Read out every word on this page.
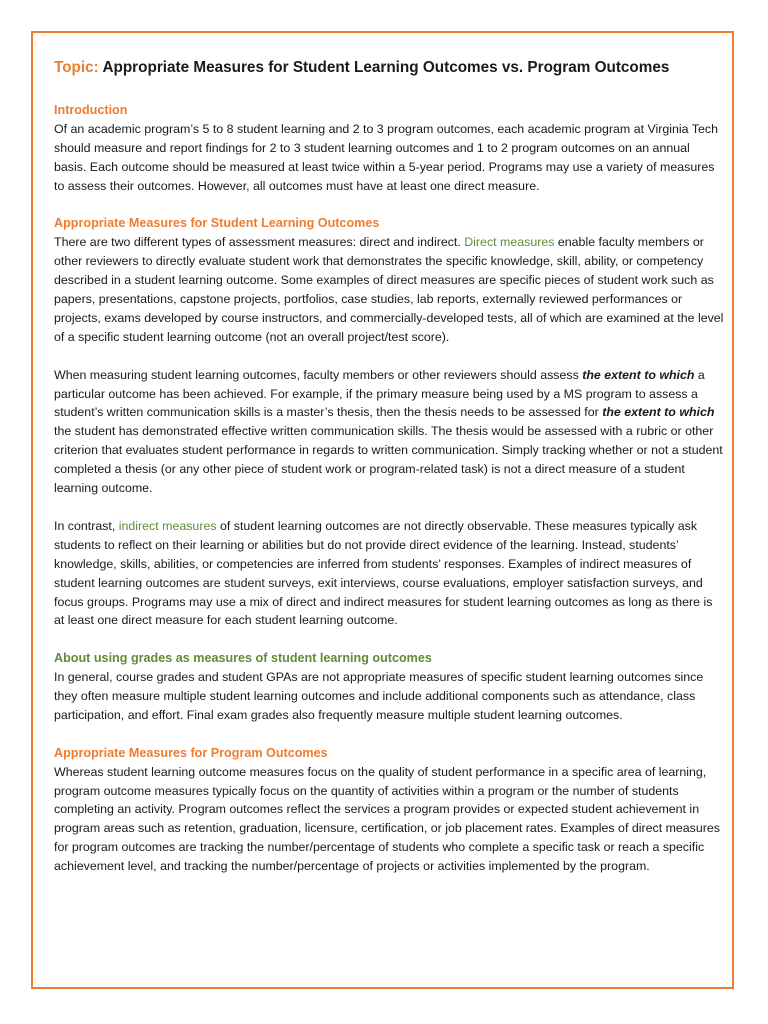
Topic: Appropriate Measures for Student Learning Outcomes vs. Program Outcomes
Introduction

Of an academic program’s 5 to 8 student learning and 2 to 3 program outcomes, each academic program at Virginia Tech should measure and report findings for 2 to 3 student learning outcomes and 1 to 2 program outcomes on an annual basis. Each outcome should be measured at least twice within a 5-year period. Programs may use a variety of measures to assess their outcomes. However, all outcomes must have at least one direct measure.

Appropriate Measures for Student Learning Outcomes

There are two different types of assessment measures: direct and indirect. Direct measures enable faculty members or other reviewers to directly evaluate student work that demonstrates the specific knowledge, skill, ability, or competency described in a student learning outcome. Some examples of direct measures are specific pieces of student work such as papers, presentations, capstone projects, portfolios, case studies, lab reports, externally reviewed performances or projects, exams developed by course instructors, and commercially-developed tests, all of which are examined at the level of a specific student learning outcome (not an overall project/test score).

When measuring student learning outcomes, faculty members or other reviewers should assess the extent to which a particular outcome has been achieved. For example, if the primary measure being used by a MS program to assess a student’s written communication skills is a master’s thesis, then the thesis needs to be assessed for the extent to which the student has demonstrated effective written communication skills. The thesis would be assessed with a rubric or other criterion that evaluates student performance in regards to written communication. Simply tracking whether or not a student completed a thesis (or any other piece of student work or program-related task) is not a direct measure of a student learning outcome.

In contrast, indirect measures of student learning outcomes are not directly observable. These measures typically ask students to reflect on their learning or abilities but do not provide direct evidence of the learning. Instead, students’ knowledge, skills, abilities, or competencies are inferred from students’ responses. Examples of indirect measures of student learning outcomes are student surveys, exit interviews, course evaluations, employer satisfaction surveys, and focus groups. Programs may use a mix of direct and indirect measures for student learning outcomes as long as there is at least one direct measure for each student learning outcome.

About using grades as measures of student learning outcomes

In general, course grades and student GPAs are not appropriate measures of specific student learning outcomes since they often measure multiple student learning outcomes and include additional components such as attendance, class participation, and effort. Final exam grades also frequently measure multiple student learning outcomes.

Appropriate Measures for Program Outcomes

Whereas student learning outcome measures focus on the quality of student performance in a specific area of learning, program outcome measures typically focus on the quantity of activities within a program or the number of students completing an activity. Program outcomes reflect the services a program provides or expected student achievement in program areas such as retention, graduation, licensure, certification, or job placement rates. Examples of direct measures for program outcomes are tracking the number/percentage of students who complete a specific task or reach a specific achievement level, and tracking the number/percentage of projects or activities implemented by the program.
